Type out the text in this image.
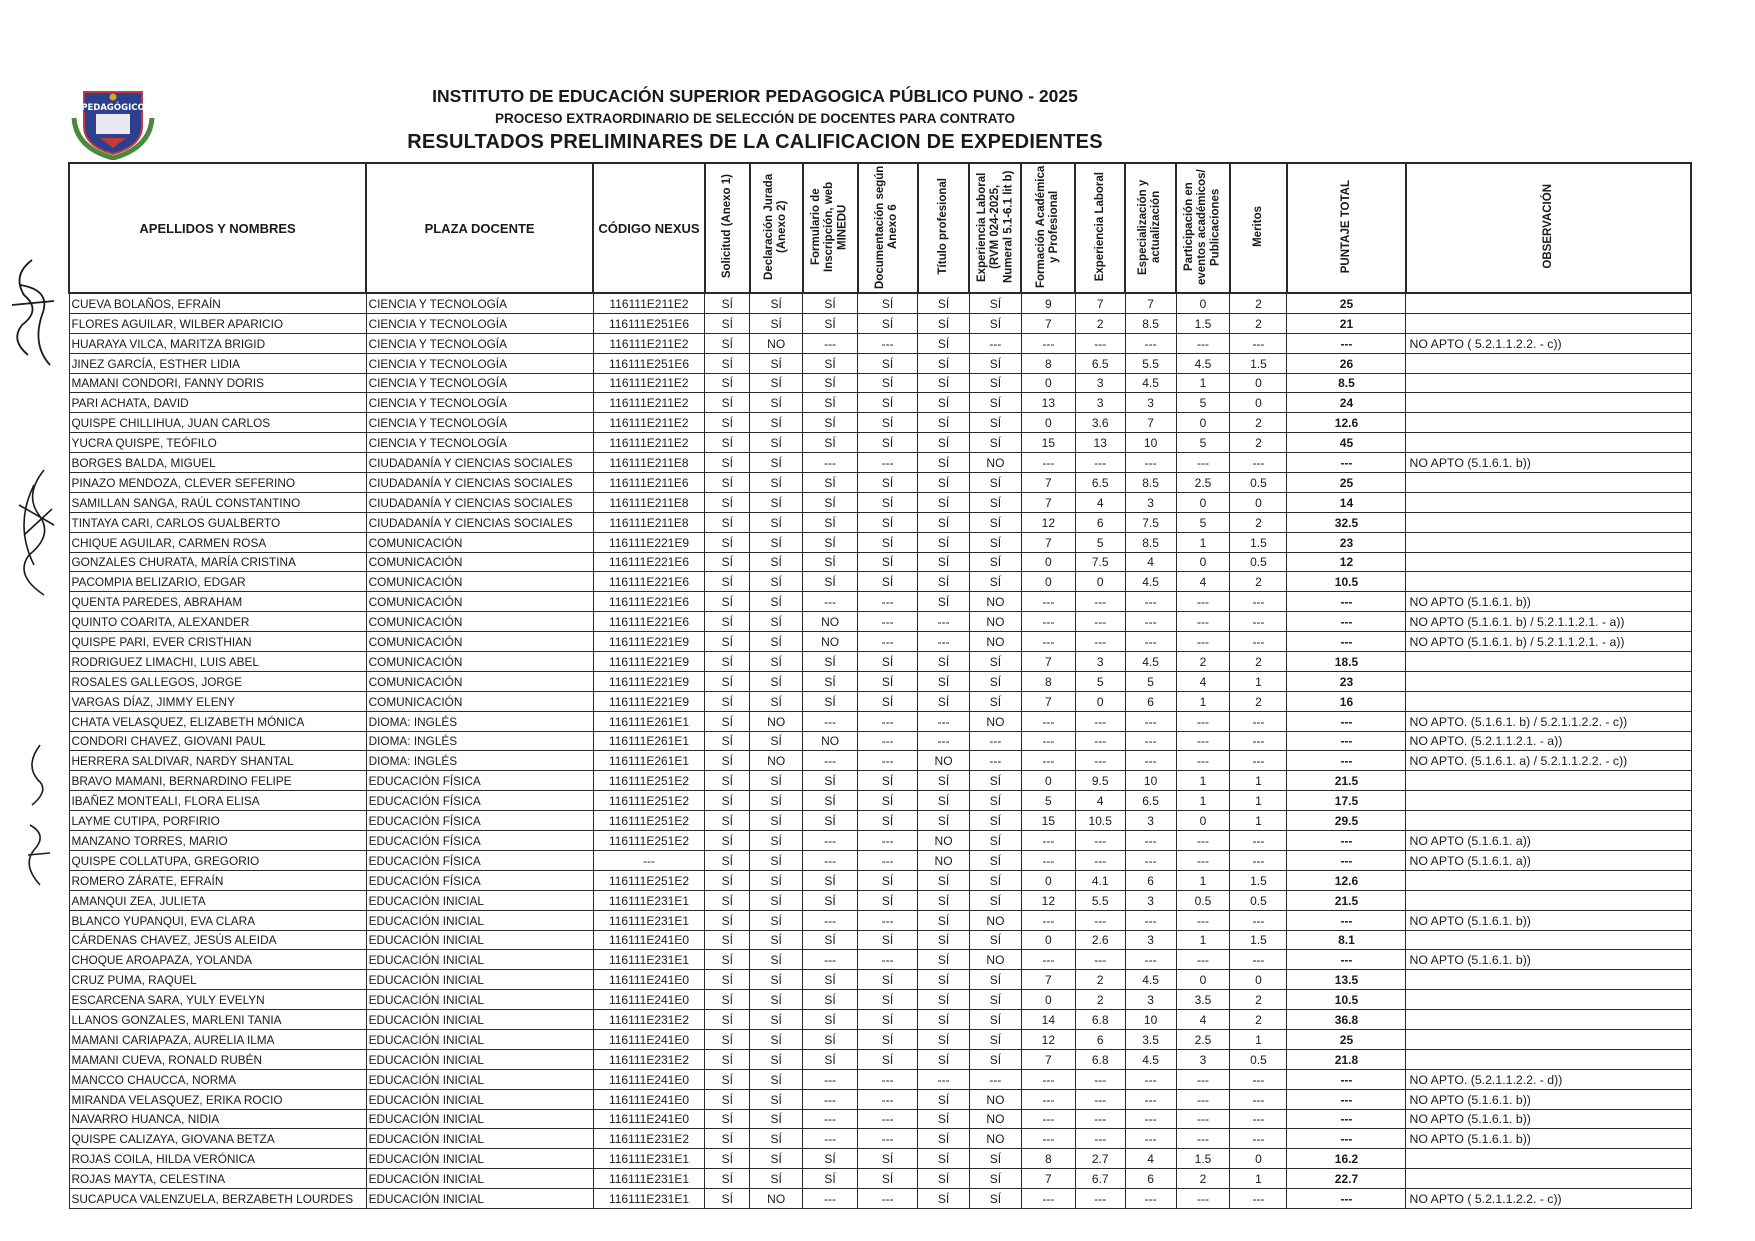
PEDAGÓGICO
INSTITUTO DE EDUCACIÓN SUPERIOR PEDAGOGICA PÚBLICO PUNO - 2025
PROCESO EXTRAORDINARIO DE SELECCIÓN DE DOCENTES PARA CONTRATO
RESULTADOS PRELIMINARES DE LA CALIFICACION DE EXPEDIENTES
APELLIDOS Y NOMBRES	PLAZA DOCENTE	CÓDIGO NEXUS	Solicitud (Anexo 1)	Declaración Jurada (Anexo 2)	Formulario de Inscripción, web MINEDU	Documentación según Anexo 6	Título profesional	Experiencia Laboral (RVM 024-2025, Numeral 5.1-6.1 lit b)	Formación Académica y Profesional	Experiencia Laboral	Especialización y actualización	Participación en eventos académicos/ Publicaciones	Meritos	PUNTAJE TOTAL	OBSERVACIÓN
CUEVA BOLAÑOS, EFRAÍN	CIENCIA Y TECNOLOGÍA	116111E211E2	SÍ	SÍ	SÍ	SÍ	SÍ	SÍ	9	7	7	0	2	25	
FLORES AGUILAR, WILBER APARICIO	CIENCIA Y TECNOLOGÍA	116111E251E6	SÍ	SÍ	SÍ	SÍ	SÍ	SÍ	7	2	8.5	1.5	2	21	
HUARAYA VILCA, MARITZA BRIGID	CIENCIA Y TECNOLOGÍA	116111E211E2	SÍ	NO	---	---	SÍ	---	---	---	---	---	---	---	NO APTO ( 5.2.1.1.2.2. - c))
JINEZ GARCÍA, ESTHER LIDIA	CIENCIA Y TECNOLOGÍA	116111E251E6	SÍ	SÍ	SÍ	SÍ	SÍ	SÍ	8	6.5	5.5	4.5	1.5	26	
MAMANI CONDORI, FANNY DORIS	CIENCIA Y TECNOLOGÍA	116111E211E2	SÍ	SÍ	SÍ	SÍ	SÍ	SÍ	0	3	4.5	1	0	8.5	
PARI ACHATA, DAVID	CIENCIA Y TECNOLOGÍA	116111E211E2	SÍ	SÍ	SÍ	SÍ	SÍ	SÍ	13	3	3	5	0	24	
QUISPE CHILLIHUA, JUAN CARLOS	CIENCIA Y TECNOLOGÍA	116111E211E2	SÍ	SÍ	SÍ	SÍ	SÍ	SÍ	0	3.6	7	0	2	12.6	
YUCRA QUISPE, TEÓFILO	CIENCIA Y TECNOLOGÍA	116111E211E2	SÍ	SÍ	SÍ	SÍ	SÍ	SÍ	15	13	10	5	2	45	
BORGES BALDA, MIGUEL	CIUDADANÍA Y CIENCIAS SOCIALES	116111E211E8	SÍ	SÍ	---	---	SÍ	NO	---	---	---	---	---	---	NO APTO (5.1.6.1. b))
PINAZO MENDOZA, CLEVER SEFERINO	CIUDADANÍA Y CIENCIAS SOCIALES	116111E211E6	SÍ	SÍ	SÍ	SÍ	SÍ	SÍ	7	6.5	8.5	2.5	0.5	25	
SAMILLAN SANGA, RAÚL CONSTANTINO	CIUDADANÍA Y CIENCIAS SOCIALES	116111E211E8	SÍ	SÍ	SÍ	SÍ	SÍ	SÍ	7	4	3	0	0	14	
TINTAYA CARI, CARLOS GUALBERTO	CIUDADANÍA Y CIENCIAS SOCIALES	116111E211E8	SÍ	SÍ	SÍ	SÍ	SÍ	SÍ	12	6	7.5	5	2	32.5	
CHIQUE AGUILAR, CARMEN ROSA	COMUNICACIÓN	116111E221E9	SÍ	SÍ	SÍ	SÍ	SÍ	SÍ	7	5	8.5	1	1.5	23	
GONZALES CHURATA, MARÍA CRISTINA	COMUNICACIÓN	116111E221E6	SÍ	SÍ	SÍ	SÍ	SÍ	SÍ	0	7.5	4	0	0.5	12	
PACOMPIA BELIZARIO, EDGAR	COMUNICACIÓN	116111E221E6	SÍ	SÍ	SÍ	SÍ	SÍ	SÍ	0	0	4.5	4	2	10.5	
QUENTA PAREDES, ABRAHAM	COMUNICACIÓN	116111E221E6	SÍ	SÍ	---	---	SÍ	NO	---	---	---	---	---	---	NO APTO (5.1.6.1. b))
QUINTO COARITA, ALEXANDER	COMUNICACIÓN	116111E221E6	SÍ	SÍ	NO	---	---	NO	---	---	---	---	---	---	NO APTO (5.1.6.1. b) / 5.2.1.1.2.1. - a))
QUISPE PARI, EVER CRISTHIAN	COMUNICACIÓN	116111E221E9	SÍ	SÍ	NO	---	---	NO	---	---	---	---	---	---	NO APTO (5.1.6.1. b) / 5.2.1.1.2.1. - a))
RODRIGUEZ LIMACHI, LUIS ABEL	COMUNICACIÓN	116111E221E9	SÍ	SÍ	SÍ	SÍ	SÍ	SÍ	7	3	4.5	2	2	18.5	
ROSALES GALLEGOS, JORGE	COMUNICACIÓN	116111E221E9	SÍ	SÍ	SÍ	SÍ	SÍ	SÍ	8	5	5	4	1	23	
VARGAS DÍAZ, JIMMY ELENY	COMUNICACIÓN	116111E221E9	SÍ	SÍ	SÍ	SÍ	SÍ	SÍ	7	0	6	1	2	16	
CHATA VELASQUEZ, ELIZABETH MÓNICA	DIOMA: INGLÉS	116111E261E1	SÍ	NO	---	---	---	NO	---	---	---	---	---	---	NO APTO. (5.1.6.1. b) / 5.2.1.1.2.2. - c))
CONDORI CHAVEZ, GIOVANI PAUL	DIOMA: INGLÉS	116111E261E1	SÍ	SÍ	NO	---	---	---	---	---	---	---	---	---	NO APTO. (5.2.1.1.2.1. - a))
HERRERA SALDIVAR, NARDY SHANTAL	DIOMA: INGLÉS	116111E261E1	SÍ	NO	---	---	NO	---	---	---	---	---	---	---	NO APTO. (5.1.6.1. a) / 5.2.1.1.2.2. - c))
BRAVO MAMANI, BERNARDINO FELIPE	EDUCACIÓN FÍSICA	116111E251E2	SÍ	SÍ	SÍ	SÍ	SÍ	SÍ	0	9.5	10	1	1	21.5	
IBAÑEZ MONTEALI, FLORA ELISA	EDUCACIÓN FÍSICA	116111E251E2	SÍ	SÍ	SÍ	SÍ	SÍ	SÍ	5	4	6.5	1	1	17.5	
LAYME CUTIPA, PORFIRIO	EDUCACIÓN FÍSICA	116111E251E2	SÍ	SÍ	SÍ	SÍ	SÍ	SÍ	15	10.5	3	0	1	29.5	
MANZANO TORRES, MARIO	EDUCACIÓN FÍSICA	116111E251E2	SÍ	SÍ	---	---	NO	SÍ	---	---	---	---	---	---	NO APTO (5.1.6.1. a))
QUISPE COLLATUPA, GREGORIO	EDUCACIÓN FÍSICA	---	SÍ	SÍ	---	---	NO	SÍ	---	---	---	---	---	---	NO APTO (5.1.6.1. a))
ROMERO ZÁRATE, EFRAÍN	EDUCACIÓN FÍSICA	116111E251E2	SÍ	SÍ	SÍ	SÍ	SÍ	SÍ	0	4.1	6	1	1.5	12.6	
AMANQUI ZEA, JULIETA	EDUCACIÓN INICIAL	116111E231E1	SÍ	SÍ	SÍ	SÍ	SÍ	SÍ	12	5.5	3	0.5	0.5	21.5	
BLANCO YUPANQUI, EVA CLARA	EDUCACIÓN INICIAL	116111E231E1	SÍ	SÍ	---	---	SÍ	NO	---	---	---	---	---	---	NO APTO (5.1.6.1. b))
CÁRDENAS CHAVEZ, JESÚS ALEIDA	EDUCACIÓN INICIAL	116111E241E0	SÍ	SÍ	SÍ	SÍ	SÍ	SÍ	0	2.6	3	1	1.5	8.1	
CHOQUE AROAPAZA, YOLANDA	EDUCACIÓN INICIAL	116111E231E1	SÍ	SÍ	---	---	SÍ	NO	---	---	---	---	---	---	NO APTO (5.1.6.1. b))
CRUZ PUMA, RAQUEL	EDUCACIÓN INICIAL	116111E241E0	SÍ	SÍ	SÍ	SÍ	SÍ	SÍ	7	2	4.5	0	0	13.5	
ESCARCENA SARA, YULY EVELYN	EDUCACIÓN INICIAL	116111E241E0	SÍ	SÍ	SÍ	SÍ	SÍ	SÍ	0	2	3	3.5	2	10.5	
LLANOS GONZALES, MARLENI TANIA	EDUCACIÓN INICIAL	116111E231E2	SÍ	SÍ	SÍ	SÍ	SÍ	SÍ	14	6.8	10	4	2	36.8	
MAMANI CARIAPAZA, AURELIA ILMA	EDUCACIÓN INICIAL	116111E241E0	SÍ	SÍ	SÍ	SÍ	SÍ	SÍ	12	6	3.5	2.5	1	25	
MAMANI CUEVA, RONALD RUBÉN	EDUCACIÓN INICIAL	116111E231E2	SÍ	SÍ	SÍ	SÍ	SÍ	SÍ	7	6.8	4.5	3	0.5	21.8	
MANCCO CHAUCCA, NORMA	EDUCACIÓN INICIAL	116111E241E0	SÍ	SÍ	---	---	---	---	---	---	---	---	---	---	NO APTO. (5.2.1.1.2.2. - d))
MIRANDA VELASQUEZ, ERIKA ROCIO	EDUCACIÓN INICIAL	116111E241E0	SÍ	SÍ	---	---	SÍ	NO	---	---	---	---	---	---	NO APTO (5.1.6.1. b))
NAVARRO HUANCA, NIDIA	EDUCACIÓN INICIAL	116111E241E0	SÍ	SÍ	---	---	SÍ	NO	---	---	---	---	---	---	NO APTO (5.1.6.1. b))
QUISPE CALIZAYA, GIOVANA BETZA	EDUCACIÓN INICIAL	116111E231E2	SÍ	SÍ	---	---	SÍ	NO	---	---	---	---	---	---	NO APTO (5.1.6.1. b))
ROJAS COILA, HILDA VERÓNICA	EDUCACIÓN INICIAL	116111E231E1	SÍ	SÍ	SÍ	SÍ	SÍ	SÍ	8	2.7	4	1.5	0	16.2	
ROJAS MAYTA, CELESTINA	EDUCACIÓN INICIAL	116111E231E1	SÍ	SÍ	SÍ	SÍ	SÍ	SÍ	7	6.7	6	2	1	22.7	
SUCAPUCA VALENZUELA, BERZABETH LOURDES	EDUCACIÓN INICIAL	116111E231E1	SÍ	NO	---	---	SÍ	SÍ	---	---	---	---	---	---	NO APTO ( 5.2.1.1.2.2. - c))
